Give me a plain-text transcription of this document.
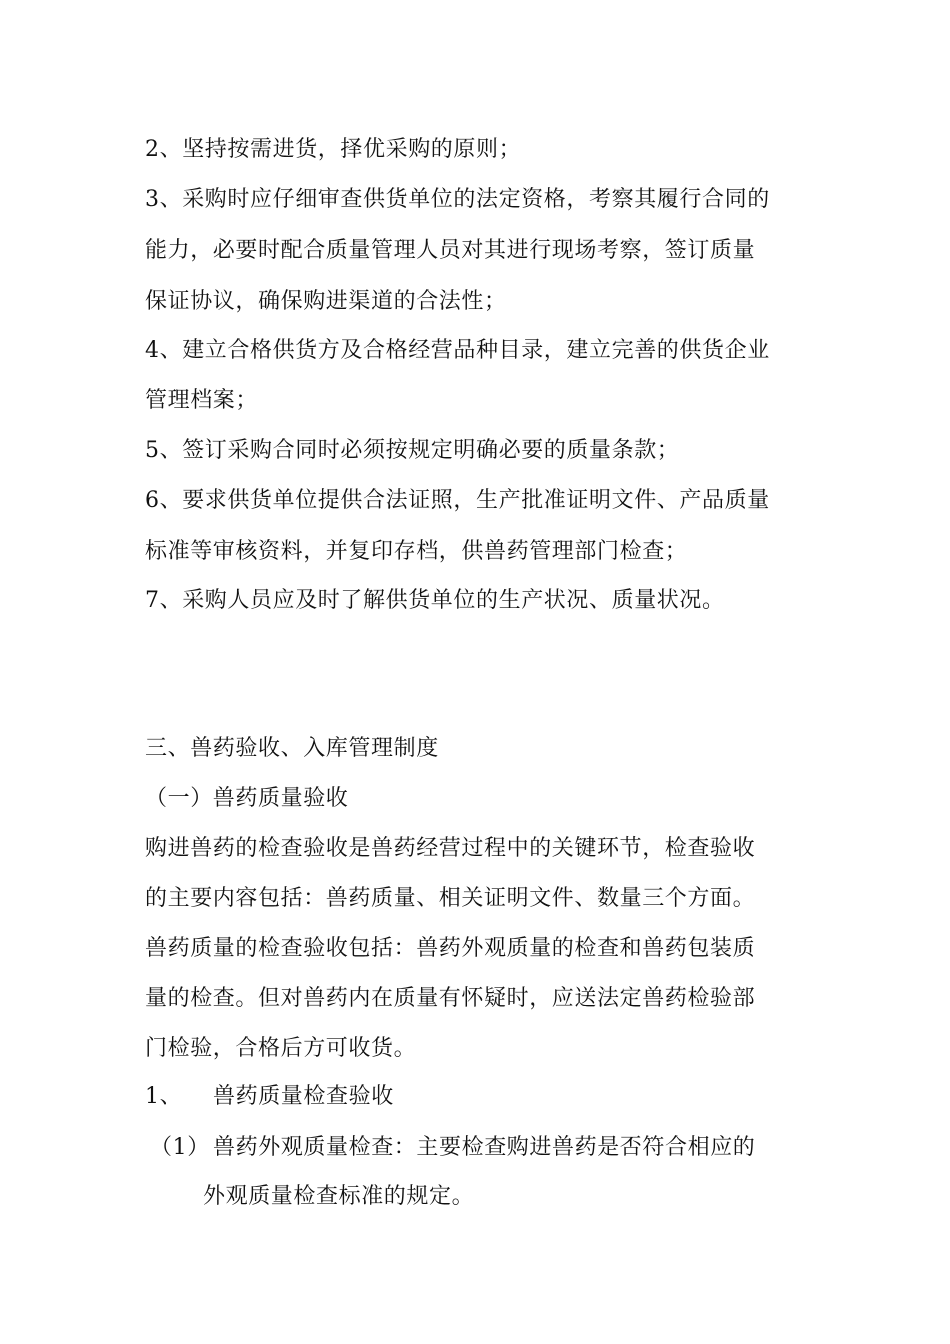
2、坚持按需进货，择优采购的原则；
3、采购时应仔细审查供货单位的法定资格，考察其履行合同的
能力，必要时配合质量管理人员对其进行现场考察，签订质量
保证协议，确保购进渠道的合法性；
4、建立合格供货方及合格经营品种目录，建立完善的供货企业
管理档案；
5、签订采购合同时必须按规定明确必要的质量条款；
6、要求供货单位提供合法证照，生产批准证明文件、产品质量
标准等审核资料，并复印存档，供兽药管理部门检查；
7、采购人员应及时了解供货单位的生产状况、质量状况。
三、兽药验收、入库管理制度
（一）兽药质量验收
购进兽药的检查验收是兽药经营过程中的关键环节，检查验收
的主要内容包括：兽药质量、相关证明文件、数量三个方面。
兽药质量的检查验收包括：兽药外观质量的检查和兽药包装质
量的检查。但对兽药内在质量有怀疑时，应送法定兽药检验部
门检验，合格后方可收货。
1、 兽药质量检查验收
（1） 兽药外观质量检查：主要检查购进兽药是否符合相应的
外观质量检查标准的规定。
